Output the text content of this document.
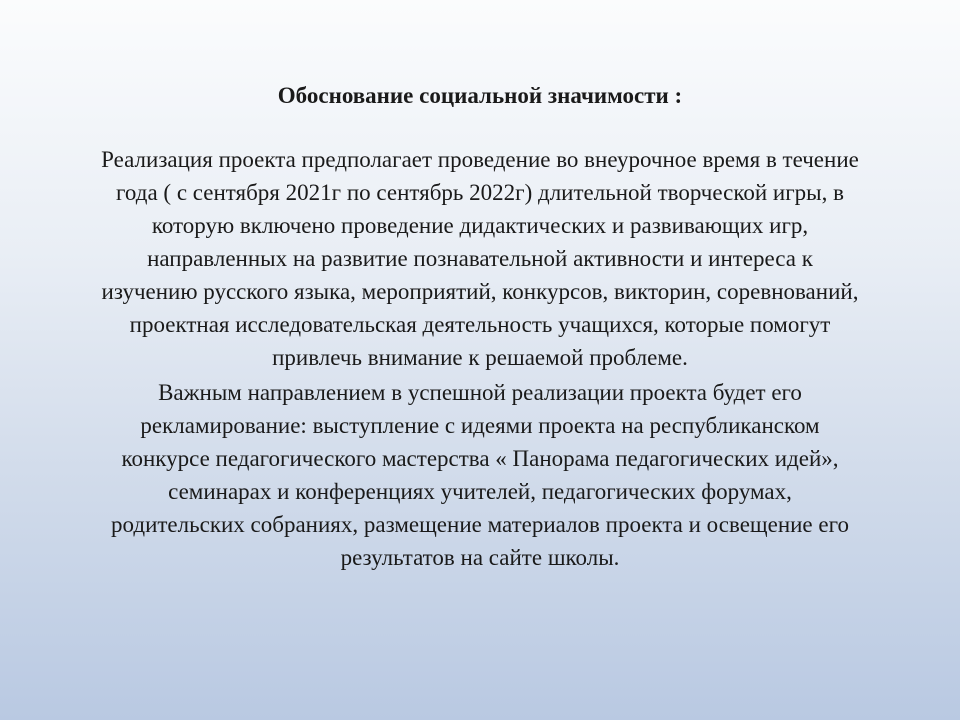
Обоснование социальной значимости :

Реализация проекта предполагает проведение во внеурочное время в течение
года ( с сентября 2021г по сентябрь 2022г) длительной творческой игры, в
которую включено проведение дидактических и развивающих игр,
направленных на развитие познавательной активности и интереса к
изучению русского языка, мероприятий, конкурсов, викторин, соревнований,
проектная исследовательская деятельность учащихся, которые помогут
привлечь внимание к решаемой проблеме.

Важным направлением в успешной реализации проекта будет его
рекламирование: выступление с идеями проекта на республиканском
конкурсе педагогического мастерства « Панорама педагогических идей»,
семинарах и конференциях учителей, педагогических форумах,
родительских собраниях, размещение материалов проекта и освещение его
результатов на сайте школы.
